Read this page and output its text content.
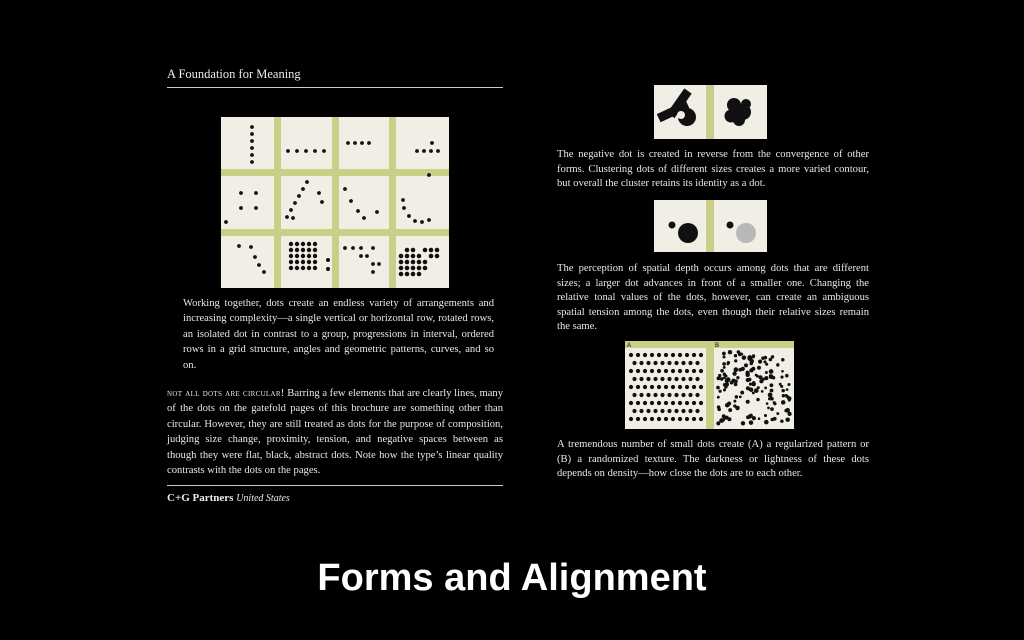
A Foundation for Meaning
Working together, dots create an endless variety of arrangements and increasing complexity—a single vertical or horizontal row, rotated rows, an isolated dot in contrast to a group, progressions in interval, ordered rows in a grid structure, angles and geometric patterns, curves, and so on.
not all dots are circular! Barring a few elements that are clearly lines, many of the dots on the gatefold pages of this brochure are something other than circular. However, they are still treated as dots for the purpose of composition, judging size change, proximity, tension, and negative spaces between as though they were flat, black, abstract dots. Note how the type’s linear quality contrasts with the dots on the pages.
C+G Partners United States
The negative dot is created in reverse from the convergence of other forms. Clustering dots of different sizes creates a more varied contour, but overall the cluster retains its identity as a dot.
The perception of spatial depth occurs among dots that are different sizes; a larger dot advances in front of a smaller one. Changing the relative tonal values of the dots, however, can create an ambiguous spatial tension among the dots, even though their relative sizes remain the same.
A	B
A tremendous number of small dots create (A) a regularized pattern or (B) a randomized texture. The darkness or lightness of these dots depends on density—how close the dots are to each other.
Forms and Alignment
